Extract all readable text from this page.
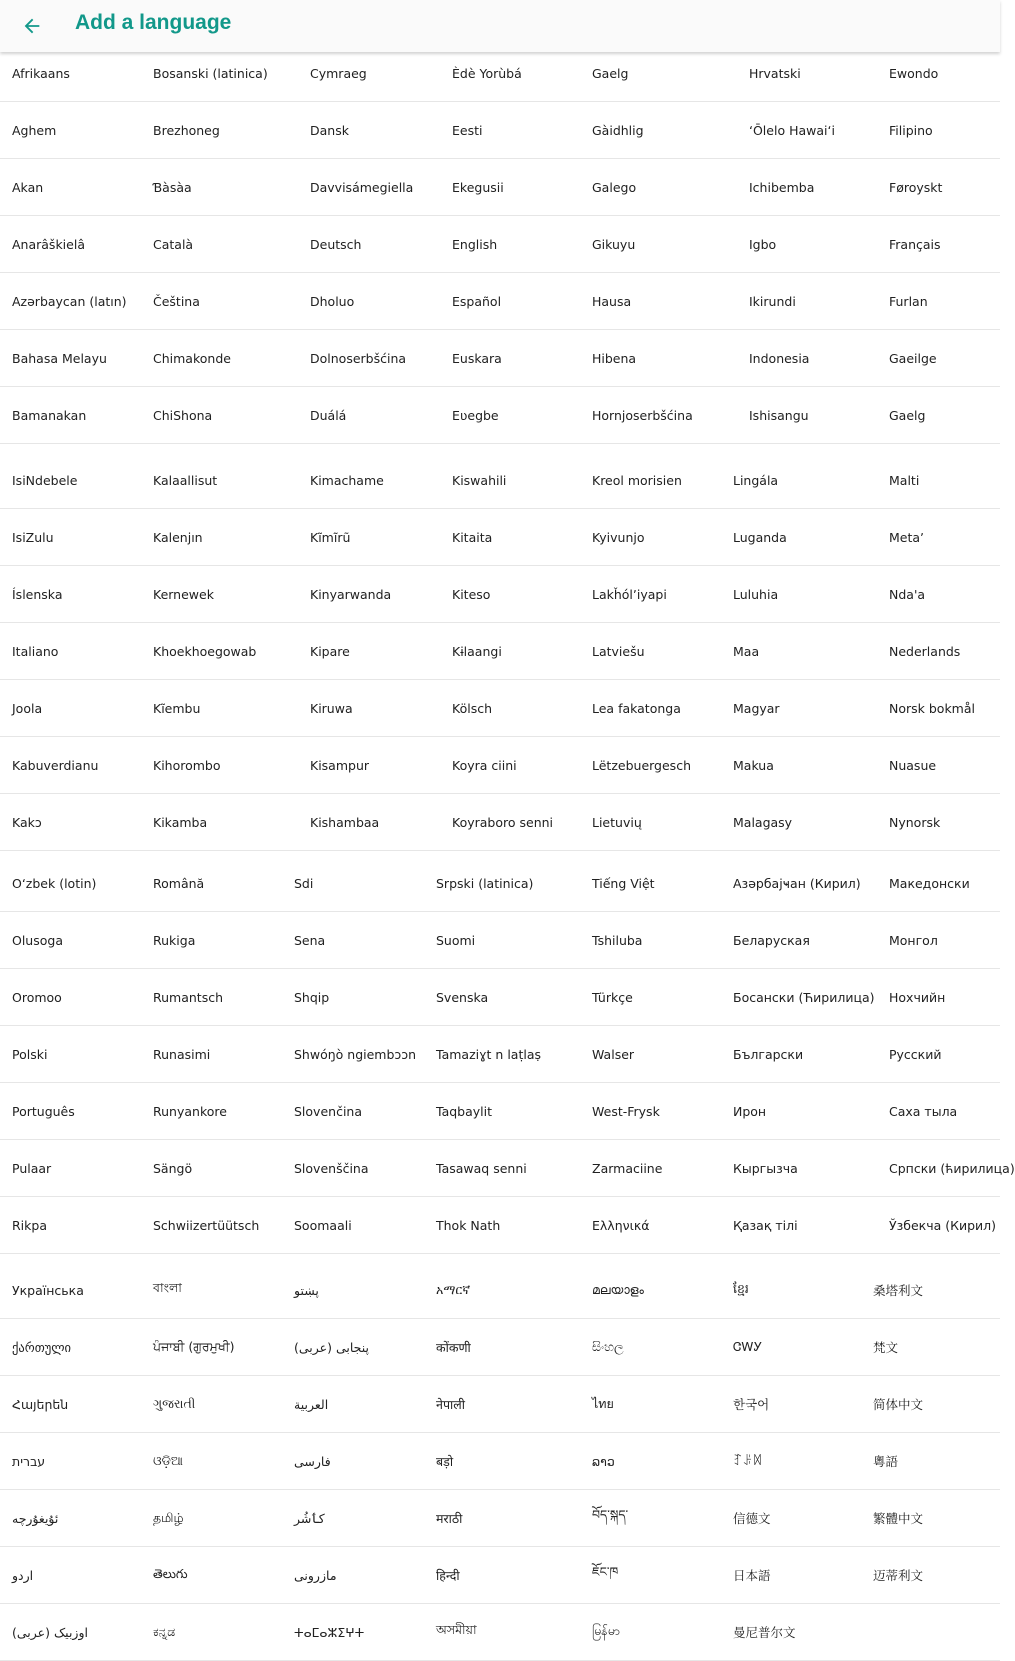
Add a language
Afrikaans	Bosanski (latinica)	Cymraeg	Èdè Yorùbá	Gaelg	Hrvatski	Ewondo
Aghem	Brezhoneg	Dansk	Eesti	Gàidhlig	ʻŌlelo Hawaiʻi	Filipino
Akan	Ɓàsàa	Davvisámegiella	Ekegusii	Galego	Ichibemba	Føroyskt
Anarâškielâ	Català	Deutsch	English	Gikuyu	Igbo	Français
Azərbaycan (latın)	Čeština	Dholuo	Español	Hausa	Ikirundi	Furlan
Bahasa Melayu	Chimakonde	Dolnoserbšćina	Euskara	Hibena	Indonesia	Gaeilge
Bamanakan	ChiShona	Duálá	Eʋegbe	Hornjoserbšćina	Ishisangu	Gaelg
IsiNdebele	Kalaallisut	Kimachame	Kiswahili	Kreol morisien	Lingála	Malti
IsiZulu	Kalenjın	Kĩmĩrũ	Kitaita	Kyivunjo	Luganda	Metaʼ
Íslenska	Kernewek	Kinyarwanda	Kiteso	Lakȟólʼiyapi	Luluhia	Ndaꞌa
Italiano	Khoekhoegowab	Kipare	Kɨlaangi	Latviešu	Maa	Nederlands
Joola	Kĩembu	Kiruwa	Kölsch	Lea fakatonga	Magyar	Norsk bokmål
Kabuverdianu	Kihorombo	Kisampur	Koyra ciini	Lëtzebuergesch	Makua	Nuasue
Kakɔ	Kikamba	Kishambaa	Koyraboro senni	Lietuvių	Malagasy	Nynorsk
O‘zbek (lotin)	Română	Sdi	Srpski (latinica)	Tiếng Việt	Азәрбајҹан (Кирил)	Македонски
Olusoga	Rukiga	Sena	Suomi	Tshiluba	Беларуская	Монгол
Oromoo	Rumantsch	Shqip	Svenska	Türkçe	Босански (Ћирилица)	Нохчийн
Polski	Runasimi	Shwóŋò ngiembɔɔn	Tamaziɣt n laṭlaṣ	Walser	Български	Русский
Português	Runyankore	Slovenčina	Taqbaylit	West-Frysk	Ирон	Саха тыла
Pulaar	Sängö	Slovenščina	Tasawaq senni	Zarmaciine	Кыргызча	Српски (ћирилица)
Rikpa	Schwiizertüütsch	Soomaali	Thok Nath	Ελληνικά	Қазақ тілі	Ўзбекча (Кирил)
Українська	বাংলা	پښتو	አማርኛ	മലയാളം	ខ្មែរ	桑塔利文
ქართული	ਪੰਜਾਬੀ (ਗੁਰਮੁਖੀ)	پنجابی (عربی)	कोंकणी	සිංහල	ᏣᎳᎩ	梵文
Հայերեն	ગુજરાતી	العربية	नेपाली	ไทย	한국어	简体中文
עברית	ଓଡ଼ିଆ	فارسی	बड़ो	ລາວ	ꆈꌠꉙ	粵語
ئۇيغۇرچە	தமிழ்	کٲشُر	मराठी	བོད་སྐད་	信德文	繁體中文
اردو	తెలుగు	مازرونی	हिन्दी	ཇོང་ཁ	日本語	迈蒂利文
اوزبیک (عربی)	ಕನ್ನಡ	ⵜⴰⵎⴰⵣⵉⵖⵜ	অসমীয়া	မြန်မာ	曼尼普尔文
